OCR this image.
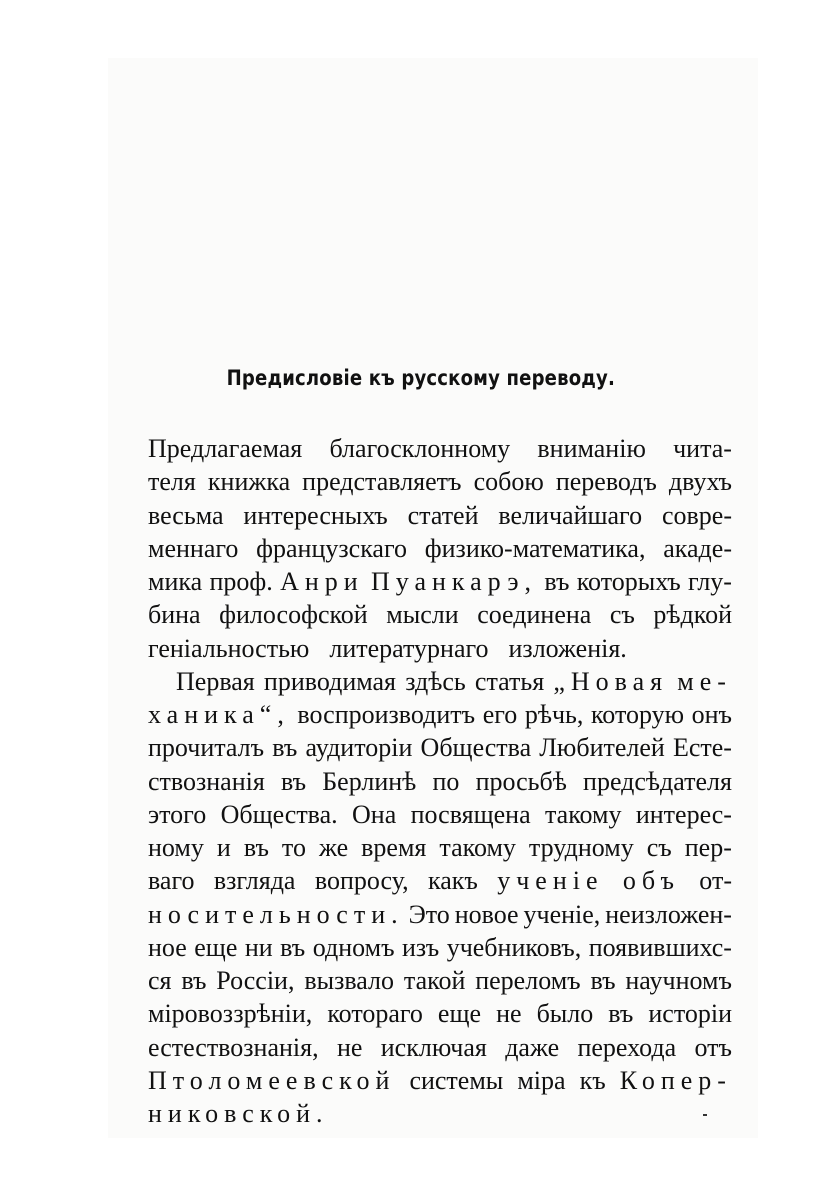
Предисловіе къ русскому переводу.
Предлагаемая благосклонному вниманію чита-
теля книжка представляетъ собою переводъ двухъ
весьма интересныхъ статей величайшаго совре-
меннаго французскаго физико-математика, акаде-
мика проф. Анри Пуанкарэ, въ которыхъ глу-
бина философской мысли соединена съ рѣдкой
геніальностью литературнаго изложенія.
Первая приводимая здѣсь статья „Новая ме-
ханика“, воспроизводитъ его рѣчь, которую онъ
прочиталъ въ аудиторіи Общества Любителей Есте-
ствознанія въ Берлинѣ по просьбѣ предсѣдателя
этого Общества. Она посвящена такому интерес-
ному и въ то же время такому трудному съ пер-
ваго взгляда вопросу, какъ ученіе объ от-
носительности. Это новое ученіе, неизложен-
ное еще ни въ одномъ изъ учебниковъ, появившихс-
ся въ Россіи, вызвало такой переломъ въ научномъ
міровоззрѣніи, котораго еще не было въ исторіи
естествознанія, не исключая даже перехода отъ
Птоломеевской системы міра къ Копер-
никовской.
